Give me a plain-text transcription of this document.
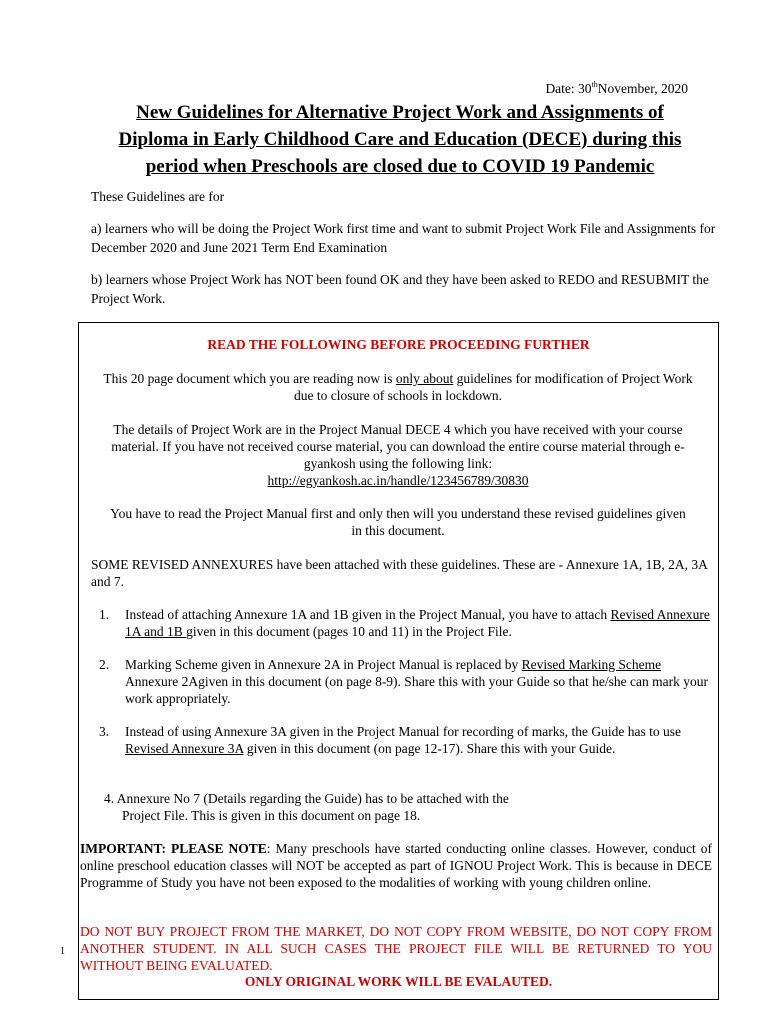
Date: 30thNovember, 2020
New Guidelines for Alternative Project Work and Assignments of
Diploma in Early Childhood Care and Education (DECE) during this
period when Preschools are closed due to COVID 19 Pandemic
These Guidelines are for
a) learners who will be doing the Project Work first time and want to submit Project Work File and Assignments for December 2020 and June 2021 Term End Examination
b) learners whose Project Work has NOT been found OK and they have been asked to REDO and RESUBMIT the Project Work.
READ THE FOLLOWING BEFORE PROCEEDING FURTHER
This 20 page document which you are reading now is only about guidelines for modification of Project Work due to closure of schools in lockdown.
The details of Project Work are in the Project Manual DECE 4 which you have received with your course material. If you have not received course material, you can download the entire course material through e-gyankosh using the following link:
http://egyankosh.ac.in/handle/123456789/30830
You have to read the Project Manual first and only then will you understand these revised guidelines given in this document.
SOME REVISED ANNEXURES have been attached with these guidelines. These are - Annexure 1A, 1B, 2A, 3A and 7.
1. Instead of attaching Annexure 1A and 1B given in the Project Manual, you have to attach Revised Annexure 1A and 1B given in this document (pages 10 and 11) in the Project File.
2. Marking Scheme given in Annexure 2A in Project Manual is replaced by Revised Marking Scheme Annexure 2Agiven in this document (on page 8-9). Share this with your Guide so that he/she can mark your work appropriately.
3. Instead of using Annexure 3A given in the Project Manual for recording of marks, the Guide has to use Revised Annexure 3A given in this document (on page 12-17). Share this with your Guide.
4. Annexure No 7 (Details regarding the Guide) has to be attached with the
Project File. This is given in this document on page 18.
IMPORTANT: PLEASE NOTE: Many preschools have started conducting online classes. However, conduct of online preschool education classes will NOT be accepted as part of IGNOU Project Work. This is because in DECE Programme of Study you have not been exposed to the modalities of working with young children online.
DO NOT BUY PROJECT FROM THE MARKET, DO NOT COPY FROM WEBSITE, DO NOT COPY FROM ANOTHER STUDENT. IN ALL SUCH CASES THE PROJECT FILE WILL BE RETURNED TO YOU WITHOUT BEING EVALUATED.
1
ONLY ORIGINAL WORK WILL BE EVALAUTED.
